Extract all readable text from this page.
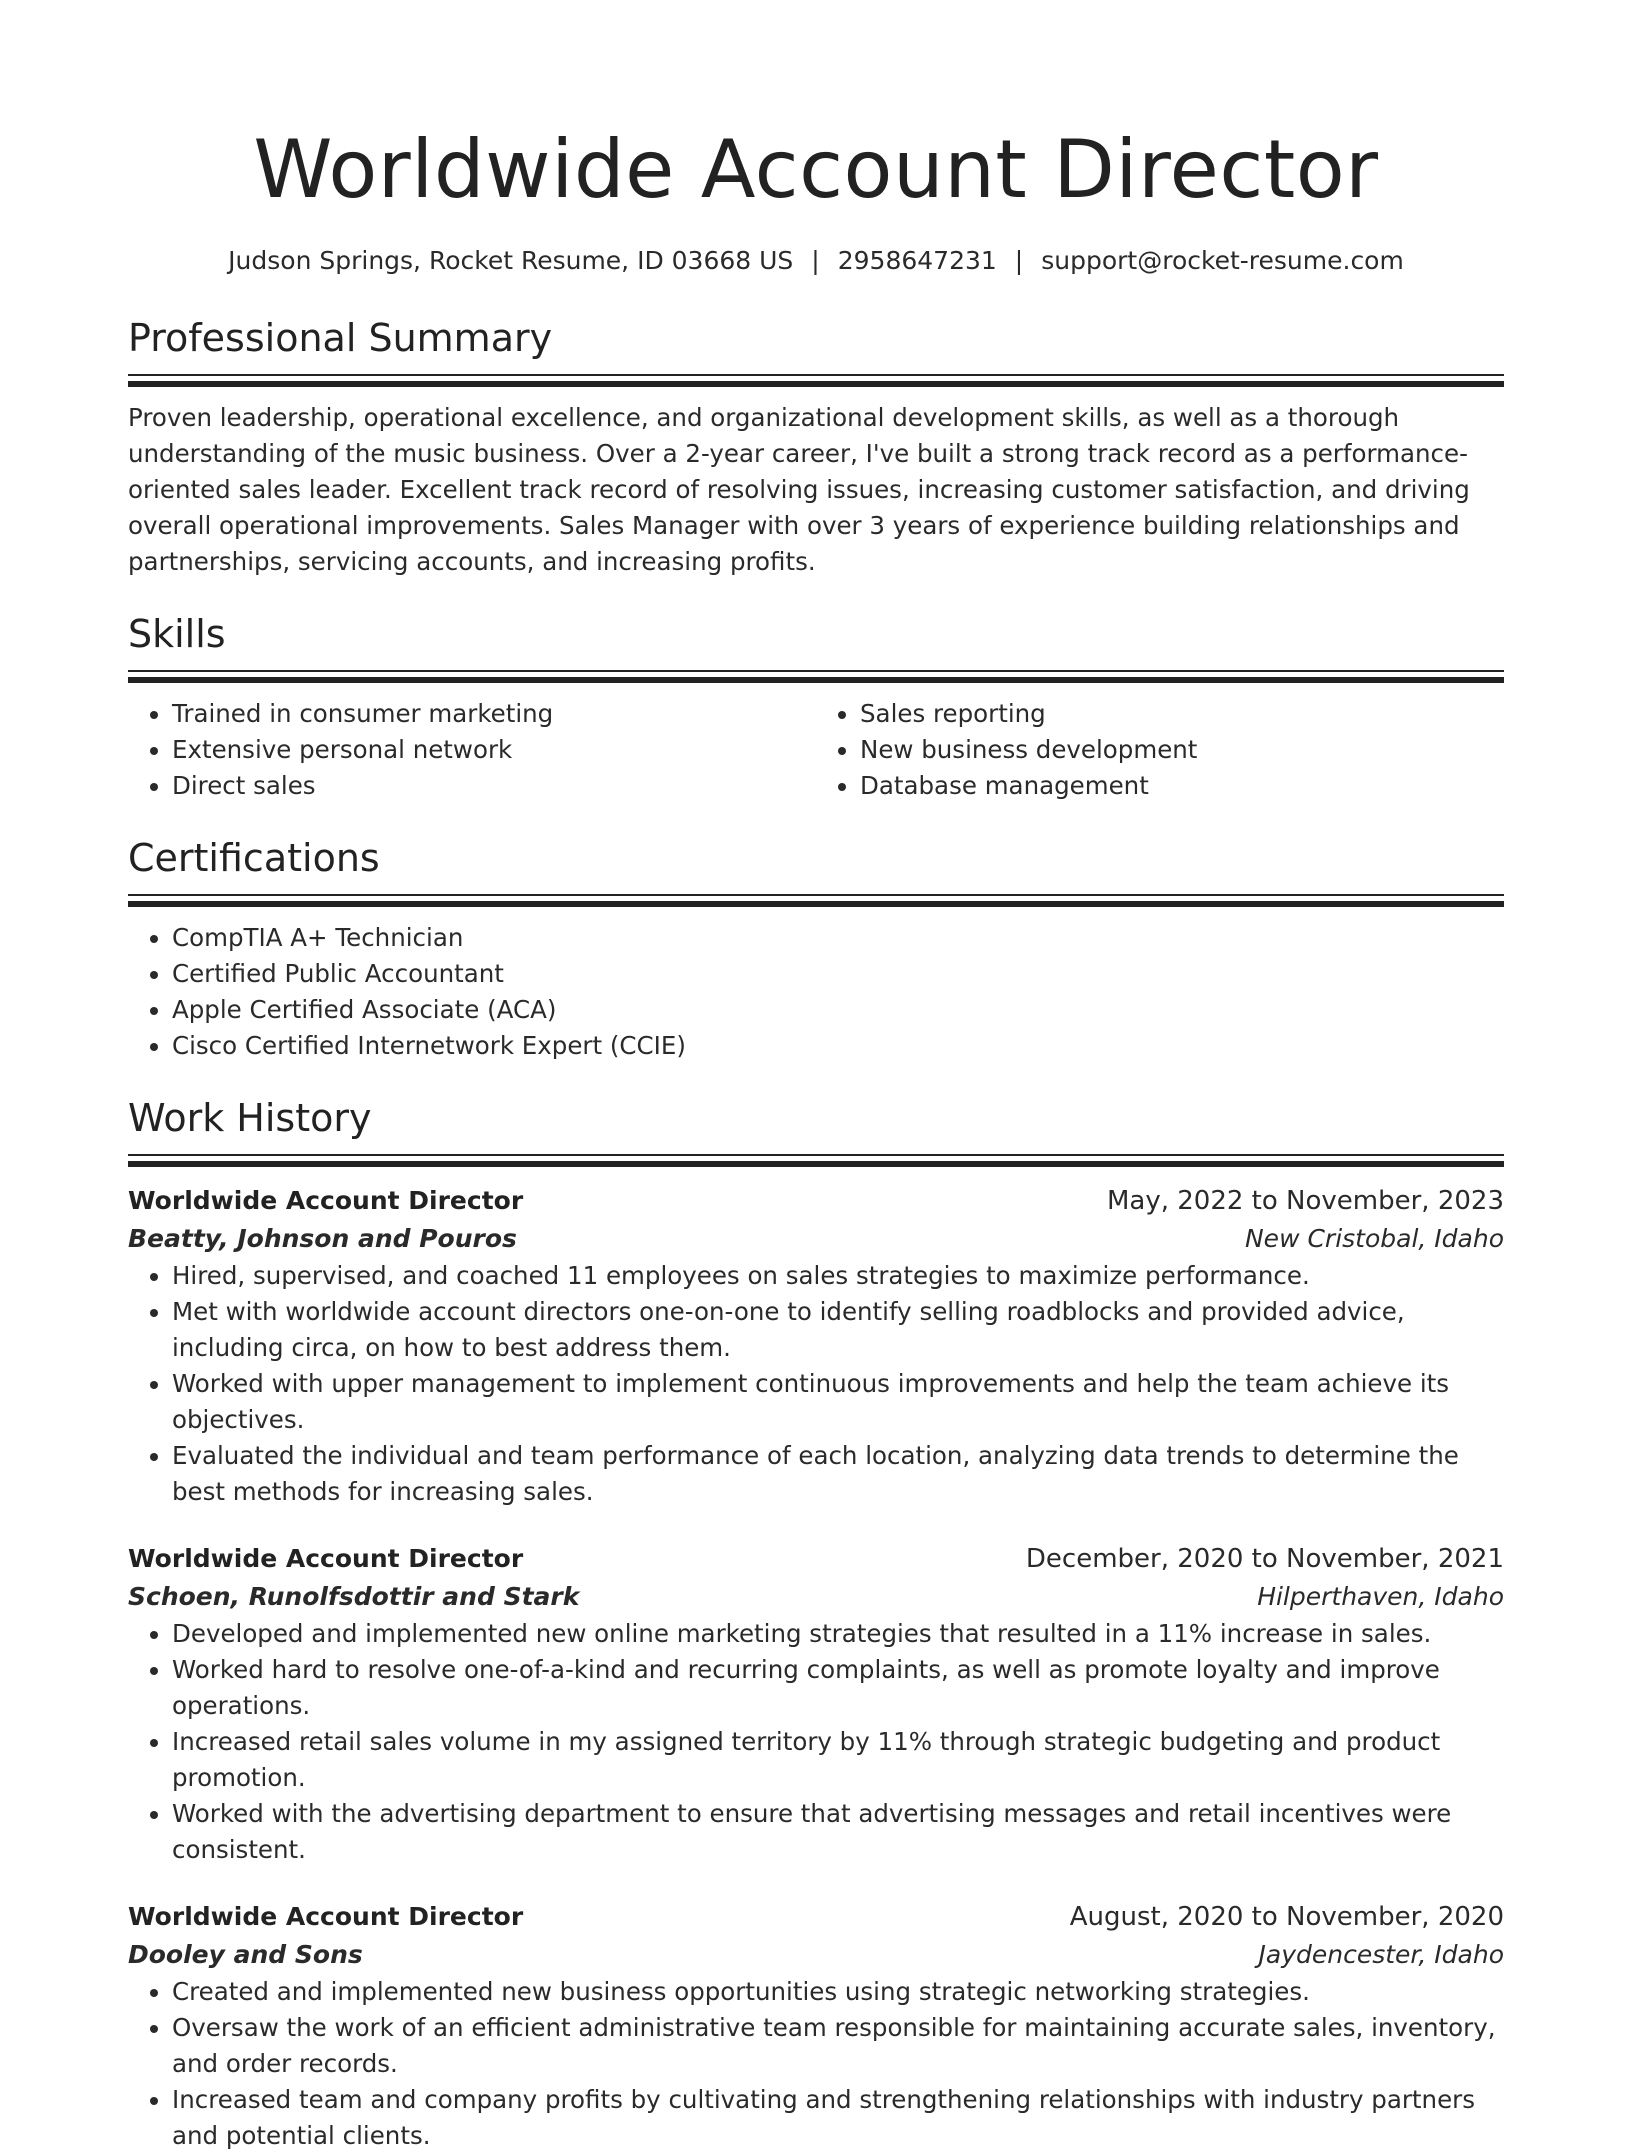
Worldwide Account Director
Judson Springs, Rocket Resume, ID 03668 US | 2958647231 | support@rocket-resume.com
Professional Summary
Proven leadership, operational excellence, and organizational development skills, as well as a thorough understanding of the music business. Over a 2-year career, I've built a strong track record as a performance-oriented sales leader. Excellent track record of resolving issues, increasing customer satisfaction, and driving overall operational improvements. Sales Manager with over 3 years of experience building relationships and partnerships, servicing accounts, and increasing profits.
Skills
• Trained in consumer marketing
• Extensive personal network
• Direct sales
• Sales reporting
• New business development
• Database management
Certifications
• CompTIA A+ Technician
• Certified Public Accountant
• Apple Certified Associate (ACA)
• Cisco Certified Internetwork Expert (CCIE)
Work History
Worldwide Account Director	May, 2022 to November, 2023
Beatty, Johnson and Pouros	New Cristobal, Idaho
• Hired, supervised, and coached 11 employees on sales strategies to maximize performance.
• Met with worldwide account directors one-on-one to identify selling roadblocks and provided advice, including circa, on how to best address them.
• Worked with upper management to implement continuous improvements and help the team achieve its objectives.
• Evaluated the individual and team performance of each location, analyzing data trends to determine the best methods for increasing sales.
Worldwide Account Director	December, 2020 to November, 2021
Schoen, Runolfsdottir and Stark	Hilperthaven, Idaho
• Developed and implemented new online marketing strategies that resulted in a 11% increase in sales.
• Worked hard to resolve one-of-a-kind and recurring complaints, as well as promote loyalty and improve operations.
• Increased retail sales volume in my assigned territory by 11% through strategic budgeting and product promotion.
• Worked with the advertising department to ensure that advertising messages and retail incentives were consistent.
Worldwide Account Director	August, 2020 to November, 2020
Dooley and Sons	Jaydencester, Idaho
• Created and implemented new business opportunities using strategic networking strategies.
• Oversaw the work of an efficient administrative team responsible for maintaining accurate sales, inventory, and order records.
• Increased team and company profits by cultivating and strengthening relationships with industry partners and potential clients.
